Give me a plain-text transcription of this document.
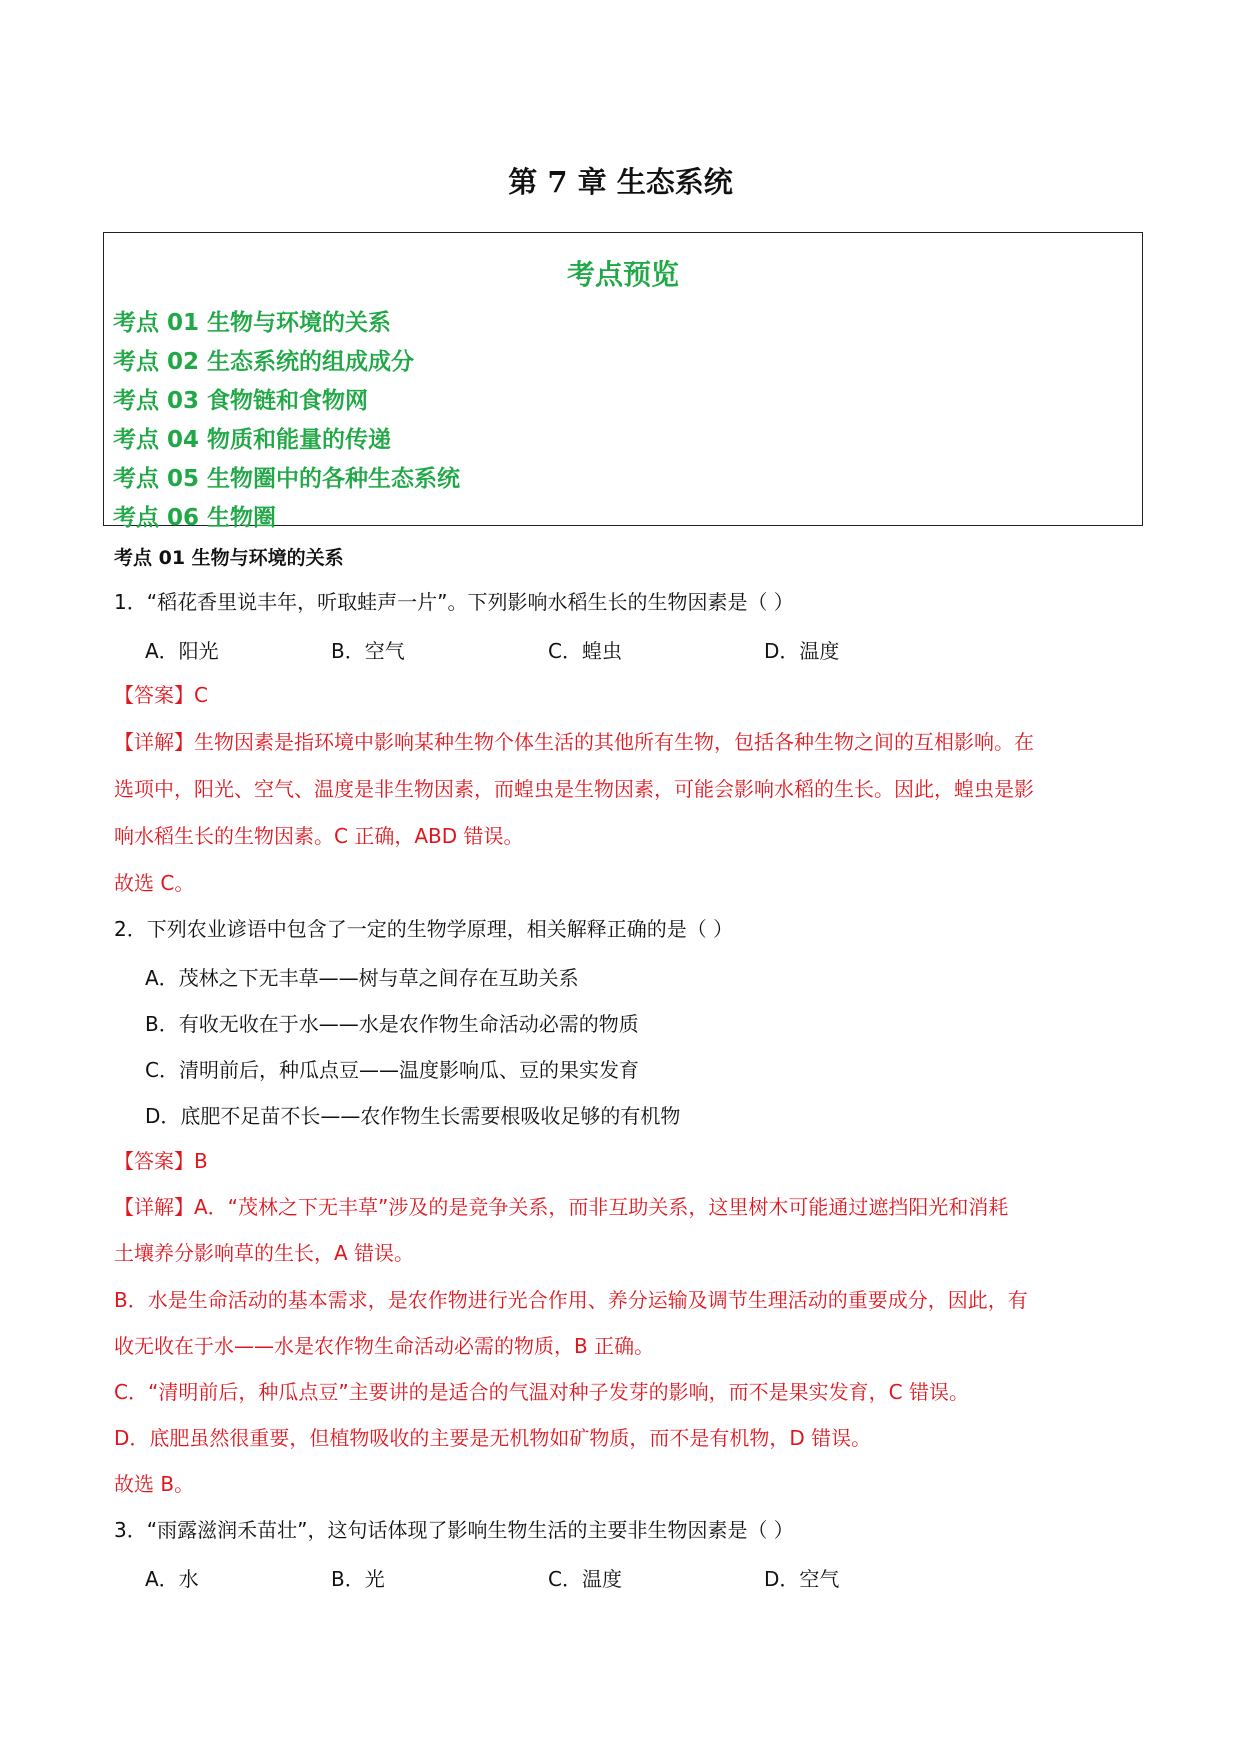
第 7 章 生态系统
考点预览
考点 01 生物与环境的关系
考点 02 生态系统的组成成分
考点 03 食物链和食物网
考点 04 物质和能量的传递
考点 05 生物圈中的各种生态系统
考点 06 生物圈
考点 01 生物与环境的关系
1．“稻花香里说丰年，听取蛙声一片”。下列影响水稻生长的生物因素是（ ）
A．阳光	B．空气	C．蝗虫	D．温度
【答案】C
【详解】生物因素是指环境中影响某种生物个体生活的其他所有生物，包括各种生物之间的互相影响。在
选项中，阳光、空气、温度是非生物因素，而蝗虫是生物因素，可能会影响水稻的生长。因此，蝗虫是影
响水稻生长的生物因素。C 正确，ABD 错误。
故选 C。
2．下列农业谚语中包含了一定的生物学原理，相关解释正确的是（ ）
A．茂林之下无丰草——树与草之间存在互助关系
B．有收无收在于水——水是农作物生命活动必需的物质
C．清明前后，种瓜点豆——温度影响瓜、豆的果实发育
D．底肥不足苗不长——农作物生长需要根吸收足够的有机物
【答案】B
【详解】A．“茂林之下无丰草”涉及的是竞争关系，而非互助关系，这里树木可能通过遮挡阳光和消耗
土壤养分影响草的生长，A 错误。
B．水是生命活动的基本需求，是农作物进行光合作用、养分运输及调节生理活动的重要成分，因此，有
收无收在于水——水是农作物生命活动必需的物质，B 正确。
C．“清明前后，种瓜点豆”主要讲的是适合的气温对种子发芽的影响，而不是果实发育，C 错误。
D．底肥虽然很重要，但植物吸收的主要是无机物如矿物质，而不是有机物，D 错误。
故选 B。
3．“雨露滋润禾苗壮”，这句话体现了影响生物生活的主要非生物因素是（ ）
A．水	B．光	C．温度	D．空气
